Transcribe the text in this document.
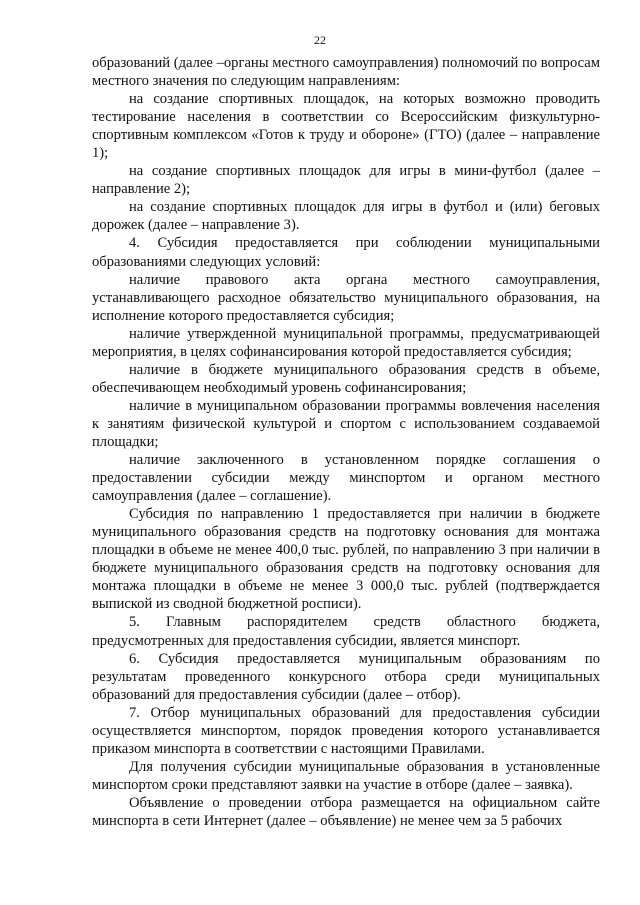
22

образований (далее –органы местного самоуправления) полномочий по вопросам местного значения по следующим направлениям:

на создание спортивных площадок, на которых возможно проводить тестирование населения в соответствии со Всероссийским физкультурно-спортивным комплексом «Готов к труду и обороне» (ГТО) (далее – направление 1);

на создание спортивных площадок для игры в мини-футбол (далее – направление 2);

на создание спортивных площадок для игры в футбол и (или) беговых дорожек (далее – направление 3).

4. Субсидия предоставляется при соблюдении муниципальными образованиями следующих условий:

наличие правового акта органа местного самоуправления, устанавливающего расходное обязательство муниципального образования, на исполнение которого предоставляется субсидия;

наличие утвержденной муниципальной программы, предусматривающей мероприятия, в целях софинансирования которой предоставляется субсидия;

наличие в бюджете муниципального образования средств в объеме, обеспечивающем необходимый уровень софинансирования;

наличие в муниципальном образовании программы вовлечения населения к занятиям физической культурой и спортом с использованием создаваемой площадки;

наличие заключенного в установленном порядке соглашения о предоставлении субсидии между минспортом и органом местного самоуправления (далее – соглашение).

Субсидия по направлению 1 предоставляется при наличии в бюджете муниципального образования средств на подготовку основания для монтажа площадки в объеме не менее 400,0 тыс. рублей, по направлению 3 при наличии в бюджете муниципального образования средств на подготовку основания для монтажа площадки в объеме не менее 3 000,0 тыс. рублей (подтверждается выпиской из сводной бюджетной росписи).

5. Главным распорядителем средств областного бюджета, предусмотренных для предоставления субсидии, является минспорт.

6. Субсидия предоставляется муниципальным образованиям по результатам проведенного конкурсного отбора среди муниципальных образований для предоставления субсидии (далее – отбор).

7. Отбор муниципальных образований для предоставления субсидии осуществляется минспортом, порядок проведения которого устанавливается приказом минспорта в соответствии с настоящими Правилами.

Для получения субсидии муниципальные образования в установленные минспортом сроки представляют заявки на участие в отборе (далее – заявка).

Объявление о проведении отбора размещается на официальном сайте минспорта в сети Интернет (далее – объявление) не менее чем за 5 рабочих
